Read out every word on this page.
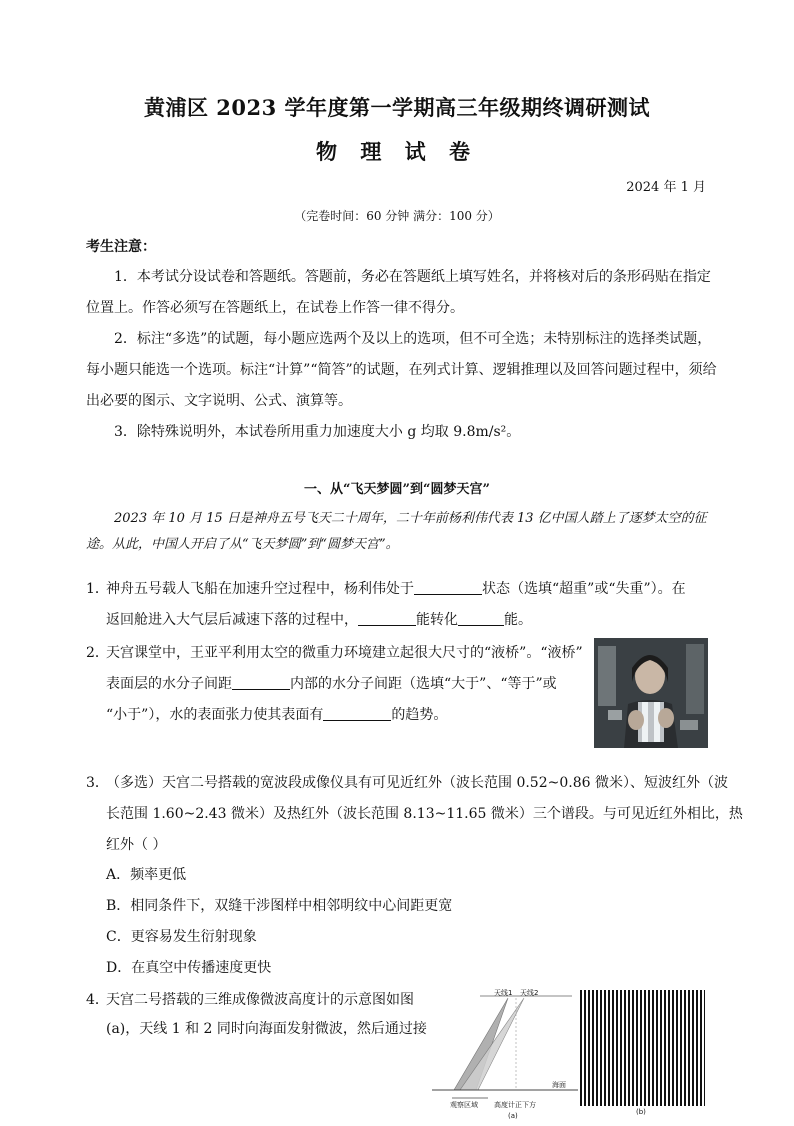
黄浦区 2023 学年度第一学期高三年级期终调研测试
物 理 试 卷
2024 年 1 月
（完卷时间：60 分钟 满分：100 分）
考生注意：
1．本考试分设试卷和答题纸。答题前，务必在答题纸上填写姓名，并将核对后的条形码贴在指定位置上。作答必须写在答题纸上，在试卷上作答一律不得分。
2．标注“多选”的试题，每小题应选两个及以上的选项，但不可全选；未特别标注的选择类试题，每小题只能选一个选项。标注“计算”“简答”的试题，在列式计算、逻辑推理以及回答问题过程中，须给出必要的图示、文字说明、公式、演算等。
3．除特殊说明外，本试卷所用重力加速度大小 g 均取 9.8m/s²。
一、从“飞天梦圆”到“圆梦天宫”
2023 年 10 月 15 日是神舟五号飞天二十周年，二十年前杨利伟代表 13 亿中国人踏上了逐梦太空的征途。从此，中国人开启了从“飞天梦圆”到“圆梦天宫”。
1．神舟五号载人飞船在加速升空过程中，杨利伟处于	状态（选填“超重”或“失重”）。在
返回舱进入大气层后减速下落的过程中，	能转化	能。
2．天宫课堂中，王亚平利用太空的微重力环境建立起很大尺寸的“液桥”。“液桥”
表面层的水分子间距	内部的水分子间距（选填“大于”、“等于”或
“小于”），水的表面张力使其表面有	的趋势。
3．（多选）天宫二号搭载的宽波段成像仪具有可见近红外（波长范围 0.52~0.86 微米）、短波红外（波
长范围 1.60~2.43 微米）及热红外（波长范围 8.13~11.65 微米）三个谱段。与可见近红外相比，热
红外（ ）
A．频率更低
B．相同条件下，双缝干涉图样中相邻明纹中心间距更宽
C．更容易发生衍射现象
D．在真空中传播速度更快
4．天宫二号搭载的三维成像微波高度计的示意图如图
(a)，天线 1 和 2 同时向海面发射微波，然后通过接
天线1 天线2
海面
观察区域 高度计正下方
(a)	(b)
